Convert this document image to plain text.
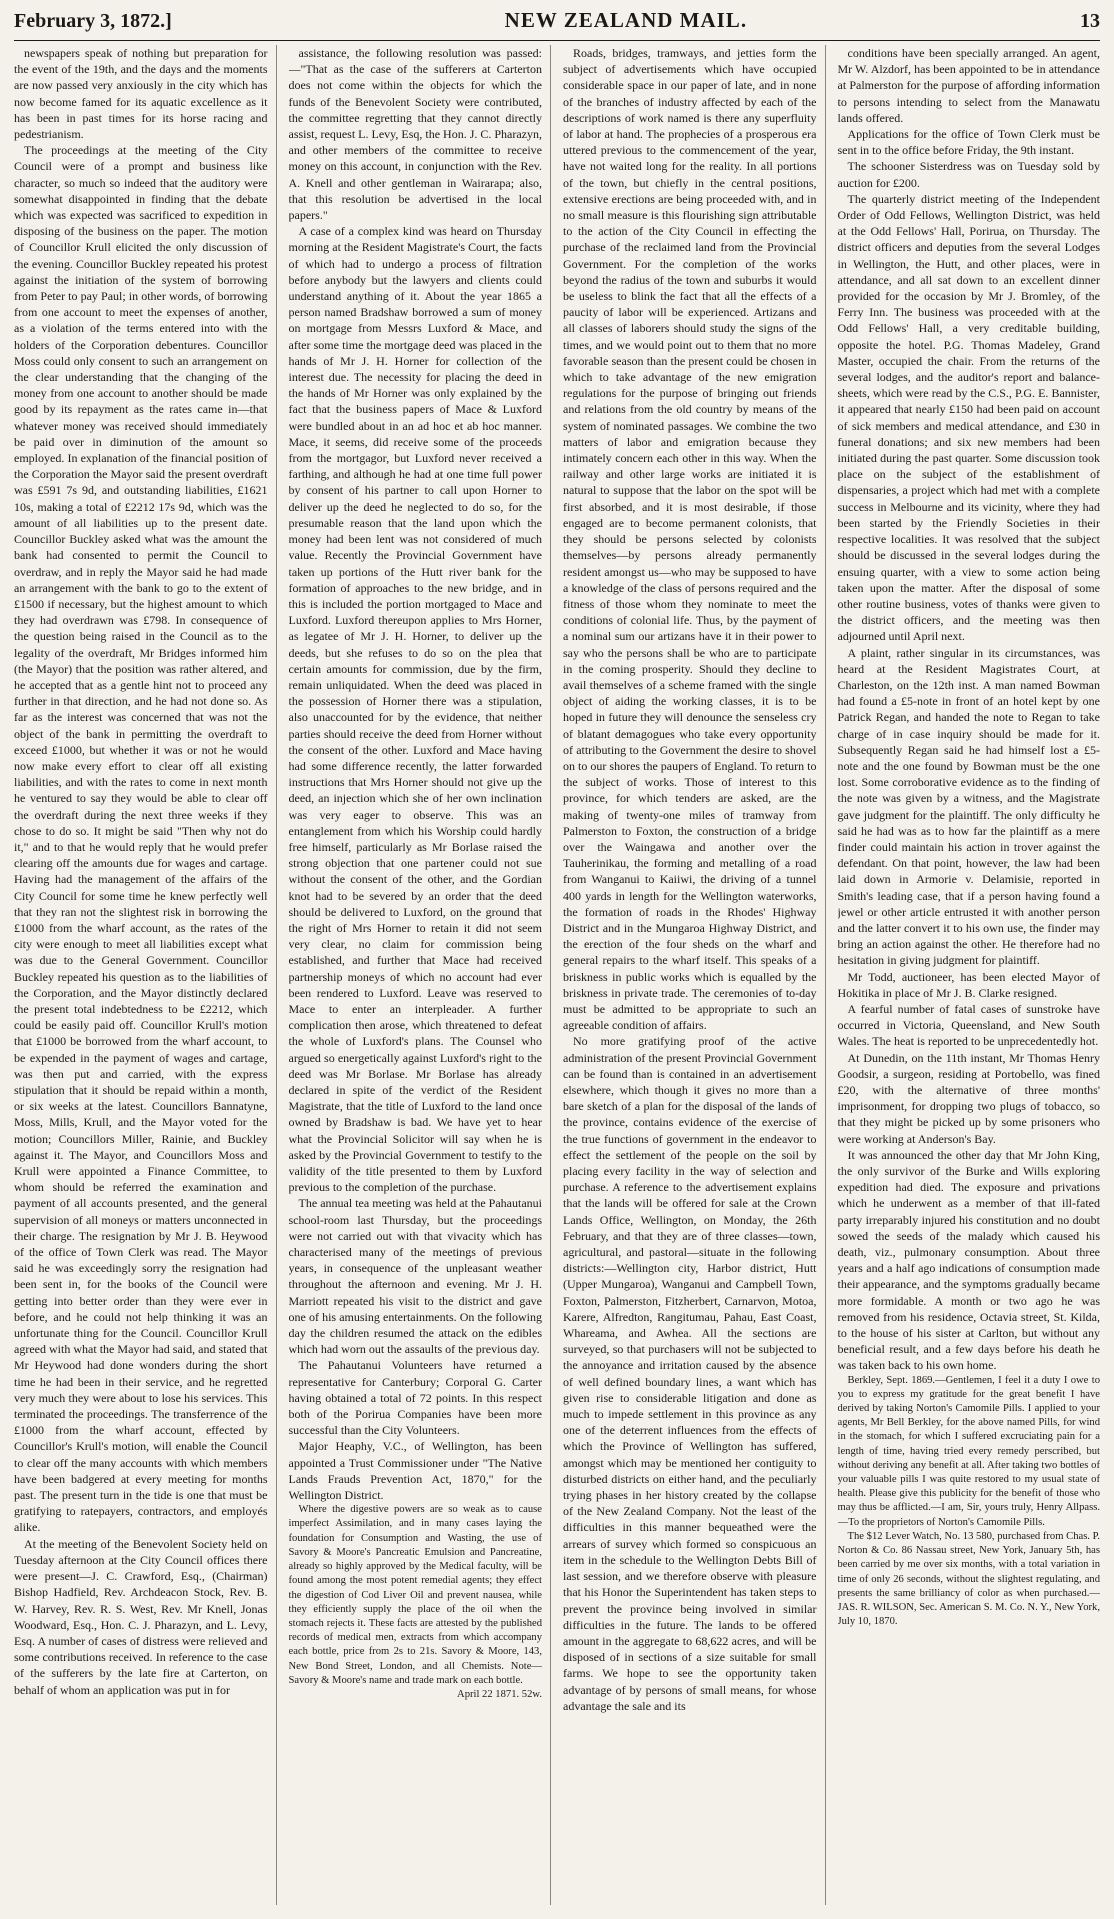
February 3, 1872.]	NEW ZEALAND MAIL.	13

newspapers speak of nothing but preparation for the event of the 19th, and the days and the moments are now passed very anxiously in the city which has now become famed for its aquatic excellence as it has been in past times for its horse racing and pedestrianism.

The proceedings at the meeting of the City Council were of a prompt and business like character, so much so indeed that the auditory were somewhat disappointed in finding that the debate which was expected was sacrificed to expedition in disposing of the business on the paper. The motion of Councillor Krull elicited the only discussion of the evening. Councillor Buckley repeated his protest against the initiation of the system of borrowing from Peter to pay Paul; in other words, of borrowing from one account to meet the expenses of another, as a violation of the terms entered into with the holders of the Corporation debentures. Councillor Moss could only consent to such an arrangement on the clear understanding that the changing of the money from one account to another should be made good by its repayment as the rates came in—that whatever money was received should immediately be paid over in diminution of the amount so employed. In explanation of the financial position of the Corporation the Mayor said the present overdraft was £591 7s 9d, and outstanding liabilities, £1621 10s, making a total of £2212 17s 9d, which was the amount of all liabilities up to the present date. Councillor Buckley asked what was the amount the bank had consented to permit the Council to overdraw, and in reply the Mayor said he had made an arrangement with the bank to go to the extent of £1500 if necessary, but the highest amount to which they had overdrawn was £798. In consequence of the question being raised in the Council as to the legality of the overdraft, Mr Bridges informed him (the Mayor) that the position was rather altered, and he accepted that as a gentle hint not to proceed any further in that direction, and he had not done so. As far as the interest was concerned that was not the object of the bank in permitting the overdraft to exceed £1000, but whether it was or not he would now make every effort to clear off all existing liabilities, and with the rates to come in next month he ventured to say they would be able to clear off the overdraft during the next three weeks if they chose to do so. It might be said "Then why not do it," and to that he would reply that he would prefer clearing off the amounts due for wages and cartage. Having had the management of the affairs of the City Council for some time he knew perfectly well that they ran not the slightest risk in borrowing the £1000 from the wharf account, as the rates of the city were enough to meet all liabilities except what was due to the General Government. Councillor Buckley repeated his question as to the liabilities of the Corporation, and the Mayor distinctly declared the present total indebtedness to be £2212, which could be easily paid off. Councillor Krull's motion that £1000 be borrowed from the wharf account, to be expended in the payment of wages and cartage, was then put and carried, with the express stipulation that it should be repaid within a month, or six weeks at the latest. Councillors Bannatyne, Moss, Mills, Krull, and the Mayor voted for the motion; Councillors Miller, Rainie, and Buckley against it. The Mayor, and Councillors Moss and Krull were appointed a Finance Committee, to whom should be referred the examination and payment of all accounts presented, and the general supervision of all moneys or matters unconnected in their charge. The resignation by Mr J. B. Heywood of the office of Town Clerk was read. The Mayor said he was exceedingly sorry the resignation had been sent in, for the books of the Council were getting into better order than they were ever in before, and he could not help thinking it was an unfortunate thing for the Council. Councillor Krull agreed with what the Mayor had said, and stated that Mr Heywood had done wonders during the short time he had been in their service, and he regretted very much they were about to lose his services. This terminated the proceedings. The transferrence of the £1000 from the wharf account, effected by Councillor's Krull's motion, will enable the Council to clear off the many accounts with which members have been badgered at every meeting for months past. The present turn in the tide is one that must be gratifying to ratepayers, contractors, and employés alike.

At the meeting of the Benevolent Society held on Tuesday afternoon at the City Council offices there were present—J. C. Crawford, Esq., (Chairman) Bishop Hadfield, Rev. Archdeacon Stock, Rev. B. W. Harvey, Rev. R. S. West, Rev. Mr Knell, Jonas Woodward, Esq., Hon. C. J. Pharazyn, and L. Levy, Esq. A number of cases of distress were relieved and some contributions received. In reference to the case of the sufferers by the late fire at Carterton, on behalf of whom an application was put in for

assistance, the following resolution was passed:—"That as the case of the sufferers at Carterton does not come within the objects for which the funds of the Benevolent Society were contributed, the committee regretting that they cannot directly assist, request L. Levy, Esq, the Hon. J. C. Pharazyn, and other members of the committee to receive money on this account, in conjunction with the Rev. A. Knell and other gentleman in Wairarapa; also, that this resolution be advertised in the local papers."

A case of a complex kind was heard on Thursday morning at the Resident Magistrate's Court, the facts of which had to undergo a process of filtration before anybody but the lawyers and clients could understand anything of it. About the year 1865 a person named Bradshaw borrowed a sum of money on mortgage from Messrs Luxford & Mace, and after some time the mortgage deed was placed in the hands of Mr J. H. Horner for collection of the interest due. The necessity for placing the deed in the hands of Mr Horner was only explained by the fact that the business papers of Mace & Luxford were bundled about in an ad hoc et ab hoc manner. Mace, it seems, did receive some of the proceeds from the mortgagor, but Luxford never received a farthing, and although he had at one time full power by consent of his partner to call upon Horner to deliver up the deed he neglected to do so, for the presumable reason that the land upon which the money had been lent was not considered of much value. Recently the Provincial Government have taken up portions of the Hutt river bank for the formation of approaches to the new bridge, and in this is included the portion mortgaged to Mace and Luxford. Luxford thereupon applies to Mrs Horner, as legatee of Mr J. H. Horner, to deliver up the deeds, but she refuses to do so on the plea that certain amounts for commission, due by the firm, remain unliquidated. When the deed was placed in the possession of Horner there was a stipulation, also unaccounted for by the evidence, that neither parties should receive the deed from Horner without the consent of the other. Luxford and Mace having had some difference recently, the latter forwarded instructions that Mrs Horner should not give up the deed, an injection which she of her own inclination was very eager to observe. This was an entanglement from which his Worship could hardly free himself, particularly as Mr Borlase raised the strong objection that one partener could not sue without the consent of the other, and the Gordian knot had to be severed by an order that the deed should be delivered to Luxford, on the ground that the right of Mrs Horner to retain it did not seem very clear, no claim for commission being established, and further that Mace had received partnership moneys of which no account had ever been rendered to Luxford. Leave was reserved to Mace to enter an interpleader. A further complication then arose, which threatened to defeat the whole of Luxford's plans. The Counsel who argued so energetically against Luxford's right to the deed was Mr Borlase. Mr Borlase has already declared in spite of the verdict of the Resident Magistrate, that the title of Luxford to the land once owned by Bradshaw is bad. We have yet to hear what the Provincial Solicitor will say when he is asked by the Provincial Government to testify to the validity of the title presented to them by Luxford previous to the completion of the purchase.

The annual tea meeting was held at the Pahautanui school-room last Thursday, but the proceedings were not carried out with that vivacity which has characterised many of the meetings of previous years, in consequence of the unpleasant weather throughout the afternoon and evening. Mr J. H. Marriott repeated his visit to the district and gave one of his amusing entertainments. On the following day the children resumed the attack on the edibles which had worn out the assaults of the previous day.

The Pahautanui Volunteers have returned a representative for Canterbury; Corporal G. Carter having obtained a total of 72 points. In this respect both of the Porirua Companies have been more successful than the City Volunteers.

Major Heaphy, V.C., of Wellington, has been appointed a Trust Commissioner under "The Native Lands Frauds Prevention Act, 1870," for the Wellington District.

Where the digestive powers are so weak as to cause imperfect Assimilation, and in many cases laying the foundation for Consumption and Wasting, the use of Savory & Moore's Pancreatic Emulsion and Pancreatine, already so highly approved by the Medical faculty, will be found among the most potent remedial agents; they effect the digestion of Cod Liver Oil and prevent nausea, while they efficiently supply the place of the oil when the stomach rejects it. These facts are attested by the published records of medical men, extracts from which accompany each bottle, price from 2s to 21s. Savory & Moore, 143, New Bond Street, London, and all Chemists. Note—Savory & Moore's name and trade mark on each bottle.

April 22 1871. 52w.

Roads, bridges, tramways, and jetties form the subject of advertisements which have occupied considerable space in our paper of late, and in none of the branches of industry affected by each of the descriptions of work named is there any superfluity of labor at hand. The prophecies of a prosperous era uttered previous to the commencement of the year, have not waited long for the reality. In all portions of the town, but chiefly in the central positions, extensive erections are being proceeded with, and in no small measure is this flourishing sign attributable to the action of the City Council in effecting the purchase of the reclaimed land from the Provincial Government. For the completion of the works beyond the radius of the town and suburbs it would be useless to blink the fact that all the effects of a paucity of labor will be experienced. Artizans and all classes of laborers should study the signs of the times, and we would point out to them that no more favorable season than the present could be chosen in which to take advantage of the new emigration regulations for the purpose of bringing out friends and relations from the old country by means of the system of nominated passages. We combine the two matters of labor and emigration because they intimately concern each other in this way. When the railway and other large works are initiated it is natural to suppose that the labor on the spot will be first absorbed, and it is most desirable, if those engaged are to become permanent colonists, that they should be persons selected by colonists themselves—by persons already permanently resident amongst us—who may be supposed to have a knowledge of the class of persons required and the fitness of those whom they nominate to meet the conditions of colonial life. Thus, by the payment of a nominal sum our artizans have it in their power to say who the persons shall be who are to participate in the coming prosperity. Should they decline to avail themselves of a scheme framed with the single object of aiding the working classes, it is to be hoped in future they will denounce the senseless cry of blatant demagogues who take every opportunity of attributing to the Government the desire to shovel on to our shores the paupers of England. To return to the subject of works. Those of interest to this province, for which tenders are asked, are the making of twenty-one miles of tramway from Palmerston to Foxton, the construction of a bridge over the Waingawa and another over the Tauherinikau, the forming and metalling of a road from Wanganui to Kaiiwi, the driving of a tunnel 400 yards in length for the Wellington waterworks, the formation of roads in the Rhodes' Highway District and in the Mungaroa Highway District, and the erection of the four sheds on the wharf and general repairs to the wharf itself. This speaks of a briskness in public works which is equalled by the briskness in private trade. The ceremonies of to-day must be admitted to be appropriate to such an agreeable condition of affairs.

No more gratifying proof of the active administration of the present Provincial Government can be found than is contained in an advertisement elsewhere, which though it gives no more than a bare sketch of a plan for the disposal of the lands of the province, contains evidence of the exercise of the true functions of government in the endeavor to effect the settlement of the people on the soil by placing every facility in the way of selection and purchase. A reference to the advertisement explains that the lands will be offered for sale at the Crown Lands Office, Wellington, on Monday, the 26th February, and that they are of three classes—town, agricultural, and pastoral—situate in the following districts:—Wellington city, Harbor district, Hutt (Upper Mungaroa), Wanganui and Campbell Town, Foxton, Palmerston, Fitzherbert, Carnarvon, Motoa, Karere, Alfredton, Rangitumau, Pahau, East Coast, Whareama, and Awhea. All the sections are surveyed, so that purchasers will not be subjected to the annoyance and irritation caused by the absence of well defined boundary lines, a want which has given rise to considerable litigation and done as much to impede settlement in this province as any one of the deterrent influences from the effects of which the Province of Wellington has suffered, amongst which may be mentioned her contiguity to disturbed districts on either hand, and the peculiarly trying phases in her history created by the collapse of the New Zealand Company. Not the least of the difficulties in this manner bequeathed were the arrears of survey which formed so conspicuous an item in the schedule to the Wellington Debts Bill of last session, and we therefore observe with pleasure that his Honor the Superintendent has taken steps to prevent the province being involved in similar difficulties in the future. The lands to be offered amount in the aggregate to 68,622 acres, and will be disposed of in sections of a size suitable for small farms. We hope to see the opportunity taken advantage of by persons of small means, for whose advantage the sale and its

conditions have been specially arranged. An agent, Mr W. Alzdorf, has been appointed to be in attendance at Palmerston for the purpose of affording information to persons intending to select from the Manawatu lands offered.

Applications for the office of Town Clerk must be sent in to the office before Friday, the 9th instant.

The schooner Sisterdress was on Tuesday sold by auction for £200.

The quarterly district meeting of the Independent Order of Odd Fellows, Wellington District, was held at the Odd Fellows' Hall, Porirua, on Thursday. The district officers and deputies from the several Lodges in Wellington, the Hutt, and other places, were in attendance, and all sat down to an excellent dinner provided for the occasion by Mr J. Bromley, of the Ferry Inn. The business was proceeded with at the Odd Fellows' Hall, a very creditable building, opposite the hotel. P.G. Thomas Madeley, Grand Master, occupied the chair. From the returns of the several lodges, and the auditor's report and balance-sheets, which were read by the C.S., P.G. E. Bannister, it appeared that nearly £150 had been paid on account of sick members and medical attendance, and £30 in funeral donations; and six new members had been initiated during the past quarter. Some discussion took place on the subject of the establishment of dispensaries, a project which had met with a complete success in Melbourne and its vicinity, where they had been started by the Friendly Societies in their respective localities. It was resolved that the subject should be discussed in the several lodges during the ensuing quarter, with a view to some action being taken upon the matter. After the disposal of some other routine business, votes of thanks were given to the district officers, and the meeting was then adjourned until April next.

A plaint, rather singular in its circumstances, was heard at the Resident Magistrates Court, at Charleston, on the 12th inst. A man named Bowman had found a £5-note in front of an hotel kept by one Patrick Regan, and handed the note to Regan to take charge of in case inquiry should be made for it. Subsequently Regan said he had himself lost a £5-note and the one found by Bowman must be the one lost. Some corroborative evidence as to the finding of the note was given by a witness, and the Magistrate gave judgment for the plaintiff. The only difficulty he said he had was as to how far the plaintiff as a mere finder could maintain his action in trover against the defendant. On that point, however, the law had been laid down in Armorie v. Delamisie, reported in Smith's leading case, that if a person having found a jewel or other article entrusted it with another person and the latter convert it to his own use, the finder may bring an action against the other. He therefore had no hesitation in giving judgment for plaintiff.

Mr Todd, auctioneer, has been elected Mayor of Hokitika in place of Mr J. B. Clarke resigned.

A fearful number of fatal cases of sunstroke have occurred in Victoria, Queensland, and New South Wales. The heat is reported to be unprecedentedly hot.

At Dunedin, on the 11th instant, Mr Thomas Henry Goodsir, a surgeon, residing at Portobello, was fined £20, with the alternative of three months' imprisonment, for dropping two plugs of tobacco, so that they might be picked up by some prisoners who were working at Anderson's Bay.

It was announced the other day that Mr John King, the only survivor of the Burke and Wills exploring expedition had died. The exposure and privations which he underwent as a member of that ill-fated party irreparably injured his constitution and no doubt sowed the seeds of the malady which caused his death, viz., pulmonary consumption. About three years and a half ago indications of consumption made their appearance, and the symptoms gradually became more formidable. A month or two ago he was removed from his residence, Octavia street, St. Kilda, to the house of his sister at Carlton, but without any beneficial result, and a few days before his death he was taken back to his own home.

Berkley, Sept. 1869.—Gentlemen, I feel it a duty I owe to you to express my gratitude for the great benefit I have derived by taking Norton's Camomile Pills. I applied to your agents, Mr Bell Berkley, for the above named Pills, for wind in the stomach, for which I suffered excruciating pain for a length of time, having tried every remedy perscribed, but without deriving any benefit at all. After taking two bottles of your valuable pills I was quite restored to my usual state of health. Please give this publicity for the benefit of those who may thus be afflicted.—I am, Sir, yours truly, Henry Allpass.—To the proprietors of Norton's Camomile Pills.

The $12 Lever Watch, No. 13 580, purchased from Chas. P. Norton & Co. 86 Nassau street, New York, January 5th, has been carried by me over six months, with a total variation in time of only 26 seconds, without the slightest regulating, and presents the same brilliancy of color as when purchased.—JAS. R. WILSON, Sec. American S. M. Co. N. Y., New York, July 10, 1870.
